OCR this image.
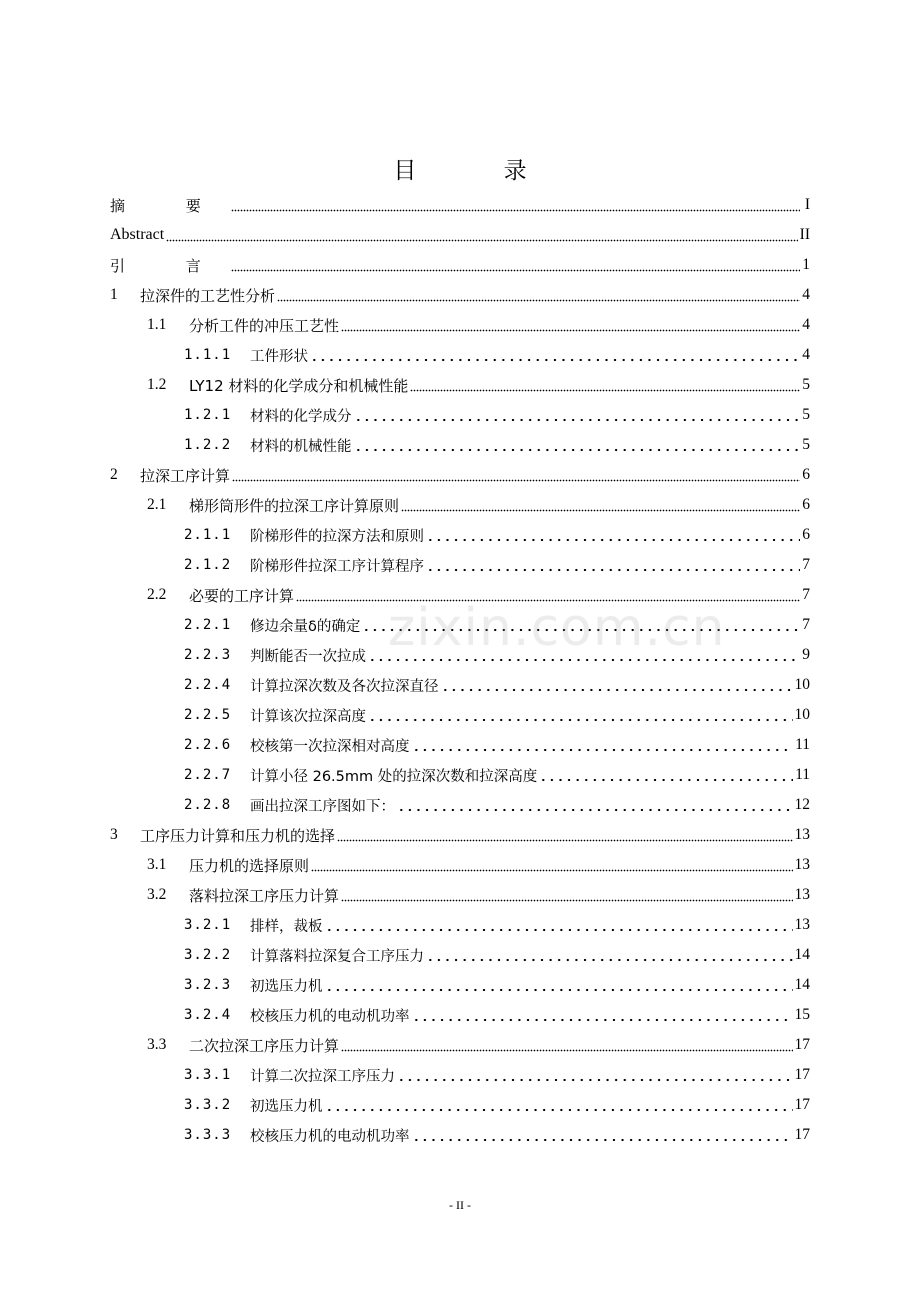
目 录
摘 要	I
Abstract	II
引 言	1
1	拉深件的工艺性分析	4
1.1	分析工件的冲压工艺性	4
1.1.1	工件形状	4
1.2	LY12 材料的化学成分和机械性能	5
1.2.1	材料的化学成分	5
1.2.2	材料的机械性能	5
2	拉深工序计算	6
2.1	梯形筒形件的拉深工序计算原则	6
2.1.1	阶梯形件的拉深方法和原则	6
2.1.2	阶梯形件拉深工序计算程序	7
2.2	必要的工序计算	7
2.2.1	修边余量δ的确定	7
2.2.3	判断能否一次拉成	9
2.2.4	计算拉深次数及各次拉深直径	10
2.2.5	计算该次拉深高度	10
2.2.6	校核第一次拉深相对高度	11
2.2.7	计算小径 26.5mm 处的拉深次数和拉深高度	11
2.2.8	画出拉深工序图如下：	12
3	工序压力计算和压力机的选择	13
3.1	压力机的选择原则	13
3.2	落料拉深工序压力计算	13
3.2.1	排样，裁板	13
3.2.2	计算落料拉深复合工序压力	14
3.2.3	初选压力机	14
3.2.4	校核压力机的电动机功率	15
3.3	二次拉深工序压力计算	17
3.3.1	计算二次拉深工序压力	17
3.3.2	初选压力机	17
3.3.3	校核压力机的电动机功率	17
- II -
